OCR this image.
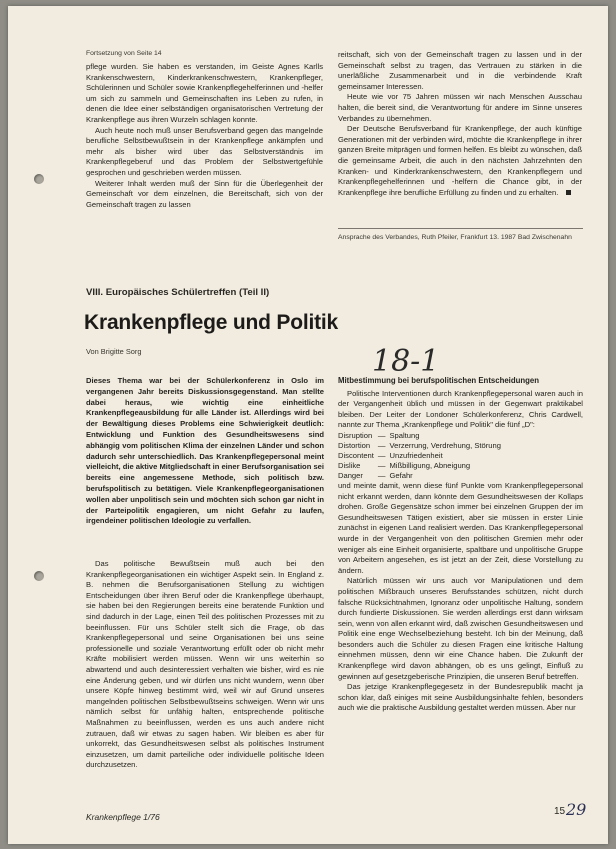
Fortsetzung von Seite 14

pflege wurden. Sie haben es verstanden, im Geiste Agnes Karlls Krankenschwestern, Kinderkrankenschwestern, Krankenpfleger, Schülerinnen und Schüler sowie Krankenpflegehelferinnen und -helfer um sich zu sammeln und Gemeinschaften ins Leben zu rufen, in denen die Idee einer selbständigen organisatorischen Vertretung der Krankenpflege aus ihren Wurzeln schlagen konnte.

Auch heute noch muß unser Berufsverband gegen das mangelnde berufliche Selbstbewußtsein in der Krankenpflege ankämpfen und mehr als bisher wird über das Selbstverständnis im Krankenpflegeberuf und das Problem der Selbstwertgefühle gesprochen und geschrieben werden müssen.

Weiterer Inhalt werden muß der Sinn für die Überlegenheit der Gemeinschaft vor dem einzelnen, die Bereitschaft, sich von der Gemeinschaft tragen zu lassen

reitschaft, sich von der Gemeinschaft tragen zu lassen und in der Gemeinschaft selbst zu tragen, das Vertrauen zu stärken in die unerläßliche Zusammenarbeit und in die verbindende Kraft gemeinsamer Interessen.

Heute wie vor 75 Jahren müssen wir nach Menschen Ausschau halten, die bereit sind, die Verantwortung für andere im Sinne unseres Verbandes zu übernehmen.

Der Deutsche Berufsverband für Krankenpflege, der auch künftige Generationen mit der verbinden wird, möchte die Krankenpflege in ihrer ganzen Breite mitprägen und formen helfen. Es bleibt zu wünschen, daß die gemeinsame Arbeit, die auch in den nächsten Jahrzehnten den Kranken- und Kinderkrankenschwestern, den Krankenpflegern und Krankenpflegehelferinnen und -helfern die Chance gibt, in der Krankenpflege ihre berufliche Erfüllung zu finden und zu erhalten.

Ansprache des Verbandes, Ruth Pfeiler, Frankfurt 13. 1987 Bad Zwischenahn
VIII. Europäisches Schülertreffen (Teil II)
Krankenpflege und Politik
Von Brigitte Sorg	18-1

Dieses Thema war bei der Schülerkonferenz in Oslo im vergangenen Jahr bereits Diskussionsgegenstand. Man stellte dabei heraus, wie wichtig eine einheitliche Krankenpflegeausbildung für alle Länder ist. Allerdings wird bei der Bewältigung dieses Problems eine Schwierigkeit deutlich: Entwicklung und Funktion des Gesundheitswesens sind abhängig vom politischen Klima der einzelnen Länder und schon dadurch sehr unterschiedlich. Das Krankenpflegepersonal meint vielleicht, die aktive Mitgliedschaft in einer Berufsorganisation sei bereits eine angemessene Methode, sich politisch bzw. berufspolitisch zu betätigen. Viele Krankenpflegeorganisationen wollen aber unpolitisch sein und möchten sich schon gar nicht in der Parteipolitik engagieren, um nicht Gefahr zu laufen, irgendeiner politischen Ideologie zu verfallen.

Das politische Bewußtsein muß auch bei den Krankenpflegeorganisationen ein wichtiger Aspekt sein. In England z. B. nehmen die Berufsorganisationen Stellung zu wichtigen Entscheidungen über ihren Beruf oder die Krankenpflege überhaupt, sie haben bei den Regierungen bereits eine beratende Funktion und sind dadurch in der Lage, einen Teil des politischen Prozesses mit zu beeinflussen. Für uns Schüler stellt sich die Frage, ob das Krankenpflegepersonal und seine Organisationen bei uns seine professionelle und soziale Verantwortung erfüllt oder ob nicht mehr Kräfte mobilisiert werden müssen. Wenn wir uns weiterhin so abwartend und auch desinteressiert verhalten wie bisher, wird es nie eine Änderung geben, und wir dürfen uns nicht wundern, wenn über unsere Köpfe hinweg bestimmt wird, weil wir auf Grund unseres mangelnden politischen Selbstbewußtseins schweigen. Wenn wir uns nämlich selbst für unfähig halten, entsprechende politische Maßnahmen zu beeinflussen, werden es uns auch andere nicht zutrauen, daß wir etwas zu sagen haben. Wir bleiben es aber für unkorrekt, das Gesundheitswesen selbst als politisches Instrument einzusetzen, um damit parteiliche oder individuelle politische Ideen durchzusetzen.

Mitbestimmung bei berufspolitischen Entscheidungen

Politische Interventionen durch Krankenpflegepersonal waren auch in der Vergangenheit üblich und müssen in der Gegenwart praktikabel bleiben. Der Leiter der Londoner Schülerkonferenz, Chris Cardwell, nannte zur Thema „Krankenpflege und Politik" die fünf „D":

Disruption	—	Spaltung
Distortion	—	Verzerrung, Verdrehung, Störung
Discontent	—	Unzufriedenheit
Dislike	—	Mißbilligung, Abneigung
Danger	—	Gefahr

und meinte damit, wenn diese fünf Punkte vom Krankenpflegepersonal nicht erkannt werden, dann könnte dem Gesundheitswesen der Kollaps drohen. Große Gegensätze schon immer bei einzelnen Gruppen der im Gesundheitswesen Tätigen existiert, aber sie müssen in erster Linie zunächst in eigenen Land realisiert werden. Das Krankenpflegepersonal wurde in der Vergangenheit von den politischen Gremien mehr oder weniger als eine Einheit organisierte, spaltbare und unpolitische Gruppe von Arbeitern angesehen, es ist jetzt an der Zeit, diese Vorstellung zu ändern.

Natürlich müssen wir uns auch vor Manipulationen und dem politischen Mißbrauch unseres Berufsstandes schützen, nicht durch falsche Rücksichtnahmen, Ignoranz oder unpolitische Haltung, sondern durch fundierte Diskussionen. Sie werden allerdings erst dann wirksam sein, wenn von allen erkannt wird, daß zwischen Gesundheitswesen und Politik eine enge Wechselbeziehung besteht. Ich bin der Meinung, daß besonders auch die Schüler zu diesen Fragen eine kritische Haltung einnehmen müssen, denn wir eine Chance haben. Die Zukunft der Krankenpflege wird davon abhängen, ob es uns gelingt, Einfluß zu gewinnen auf gesetzgeberische Prinzipien, die unseren Beruf betreffen.

Das jetzige Krankenpflegegesetz in der Bundesrepublik macht ja schon klar, daß einiges mit seine Ausbildungsinhalte fehlen, besonders auch wie die praktische Ausbildung gestaltet werden müssen. Aber nur

Krankenpflege 1/76	15 29
